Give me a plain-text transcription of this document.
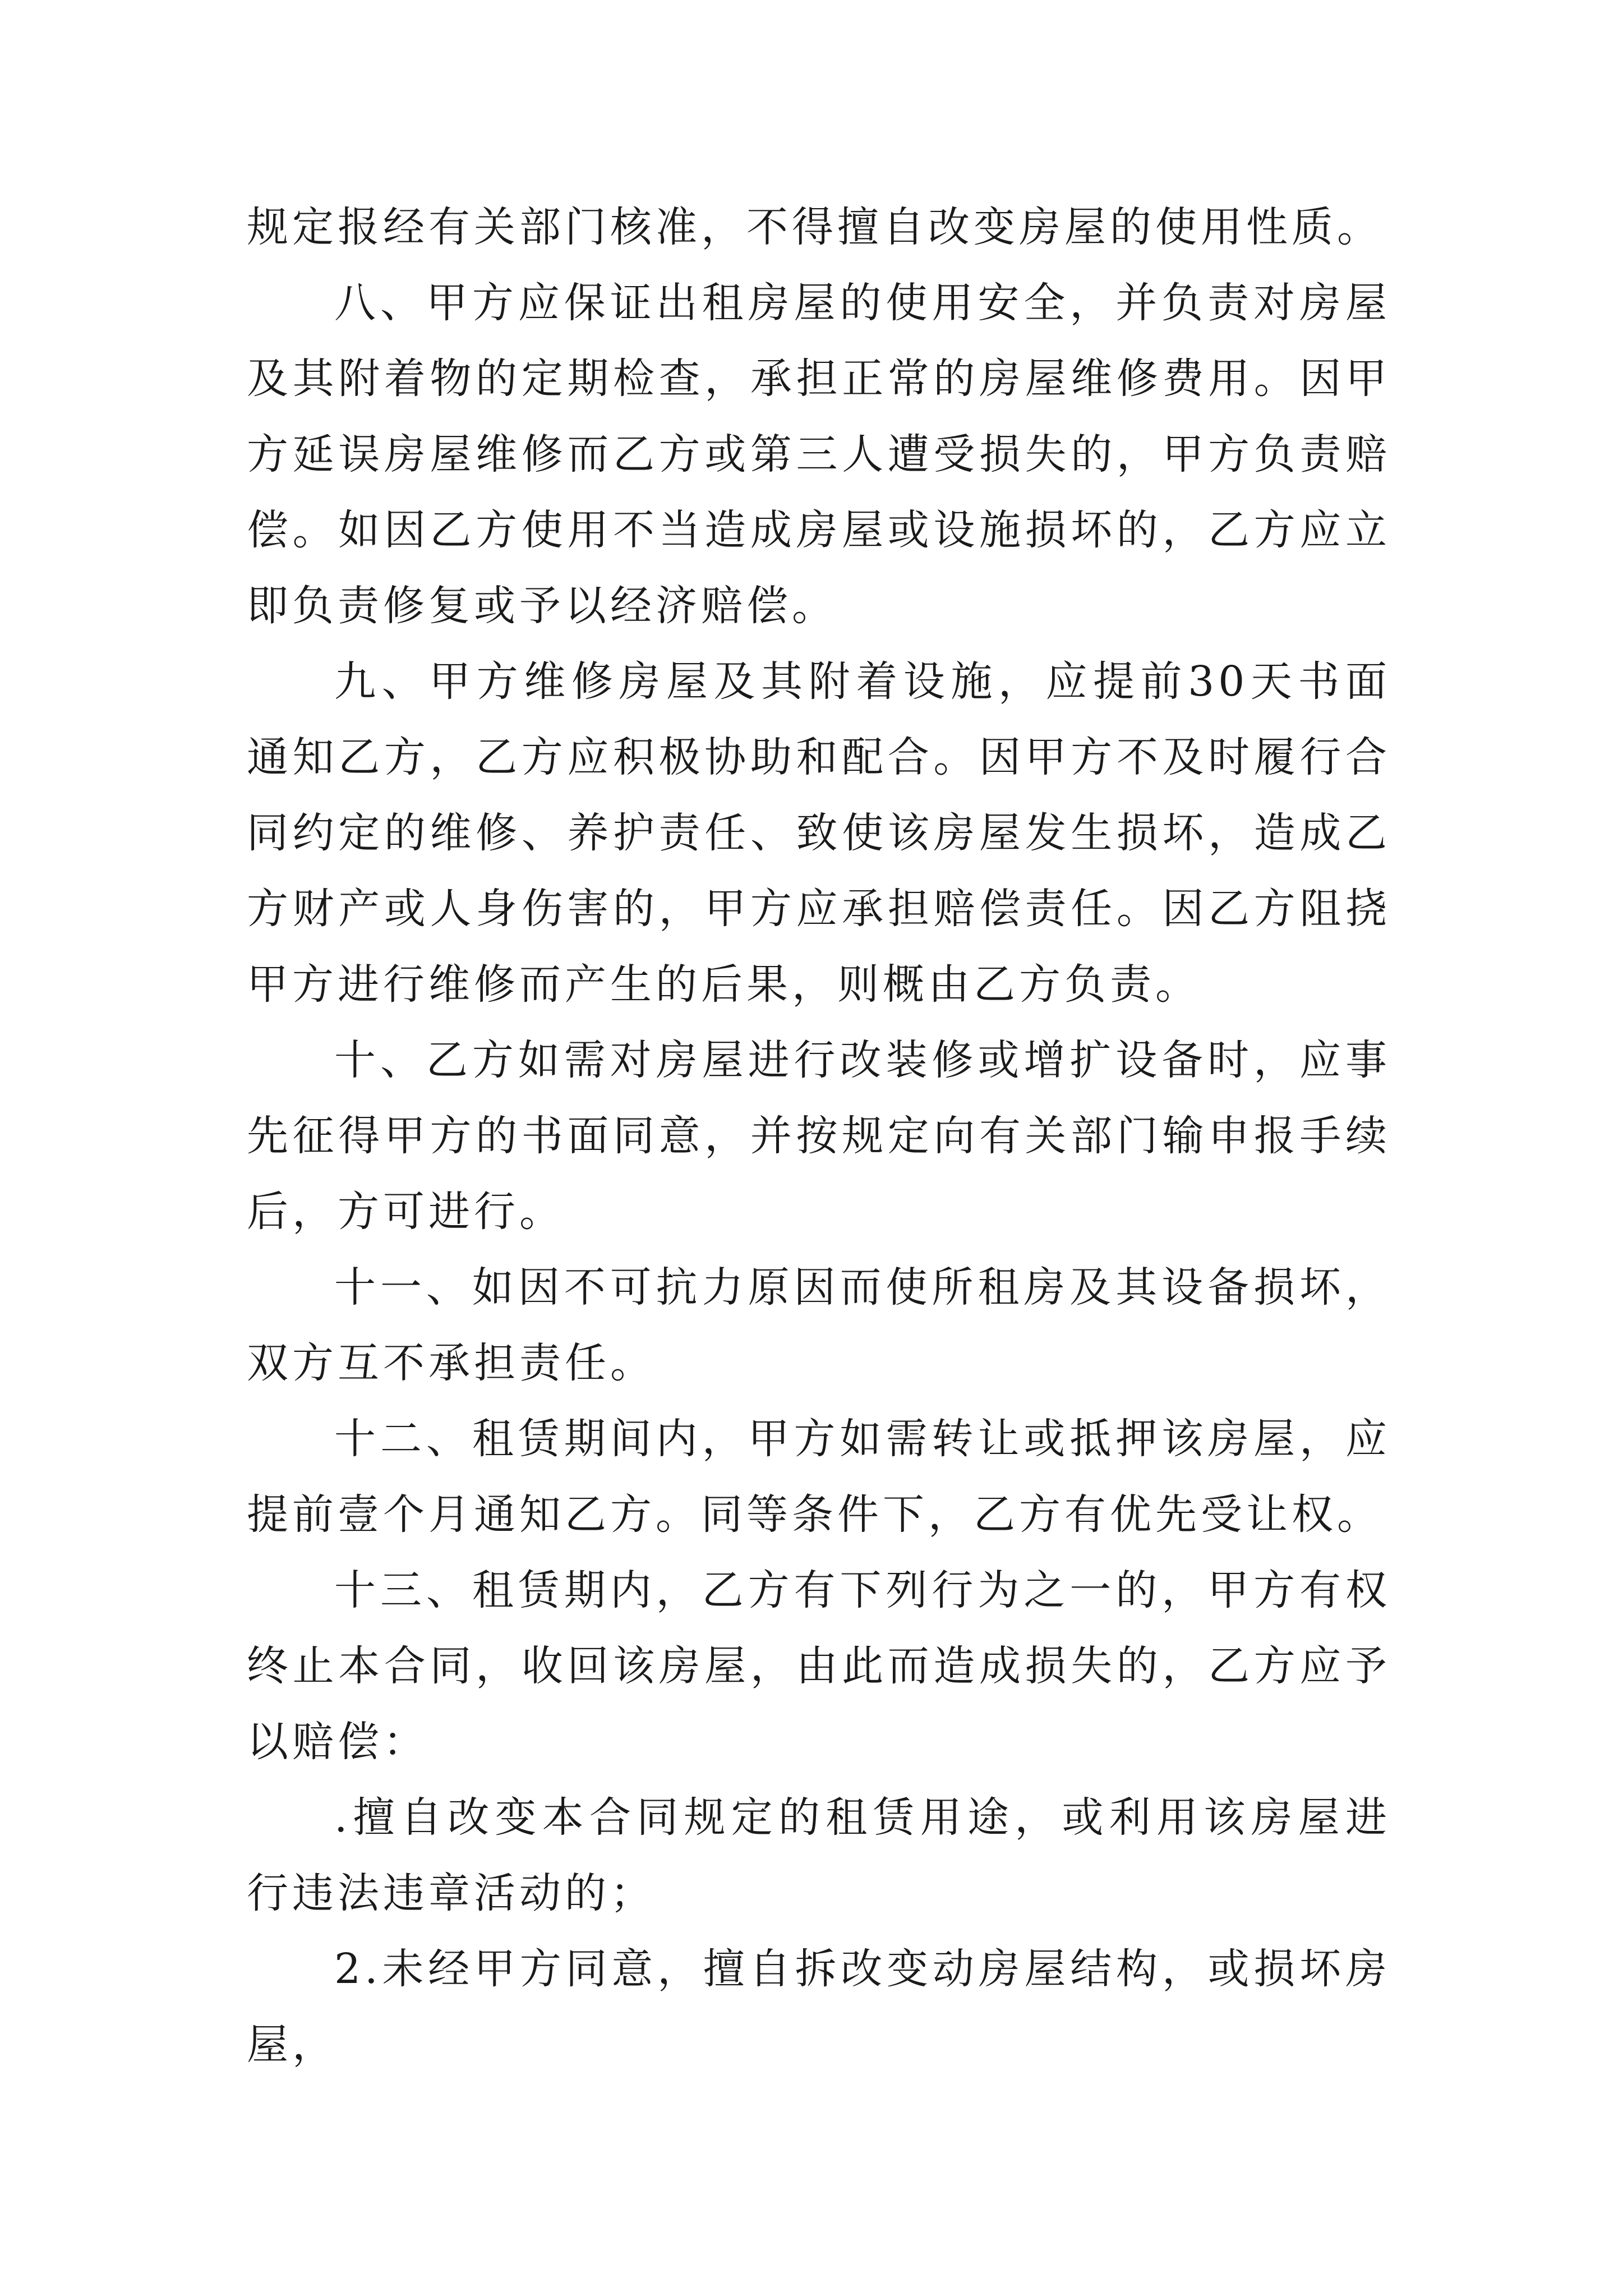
规定报经有关部门核准，不得擅自改变房屋的使用性质。

八、甲方应保证出租房屋的使用安全，并负责对房屋及其附着物的定期检查，承担正常的房屋维修费用。因甲方延误房屋维修而乙方或第三人遭受损失的，甲方负责赔偿。如因乙方使用不当造成房屋或设施损坏的，乙方应立即负责修复或予以经济赔偿。

九、甲方维修房屋及其附着设施，应提前30天书面通知乙方，乙方应积极协助和配合。因甲方不及时履行合同约定的维修、养护责任、致使该房屋发生损坏，造成乙方财产或人身伤害的，甲方应承担赔偿责任。因乙方阻挠甲方进行维修而产生的后果，则概由乙方负责。

十、乙方如需对房屋进行改装修或增扩设备时，应事先征得甲方的书面同意，并按规定向有关部门输申报手续后，方可进行。

十一、如因不可抗力原因而使所租房及其设备损坏，双方互不承担责任。

十二、租赁期间内，甲方如需转让或抵押该房屋，应提前壹个月通知乙方。同等条件下，乙方有优先受让权。

十三、租赁期内，乙方有下列行为之一的，甲方有权终止本合同，收回该房屋，由此而造成损失的，乙方应予以赔偿：

.擅自改变本合同规定的租赁用途，或利用该房屋进行违法违章活动的；

2.未经甲方同意，擅自拆改变动房屋结构，或损坏房屋，
